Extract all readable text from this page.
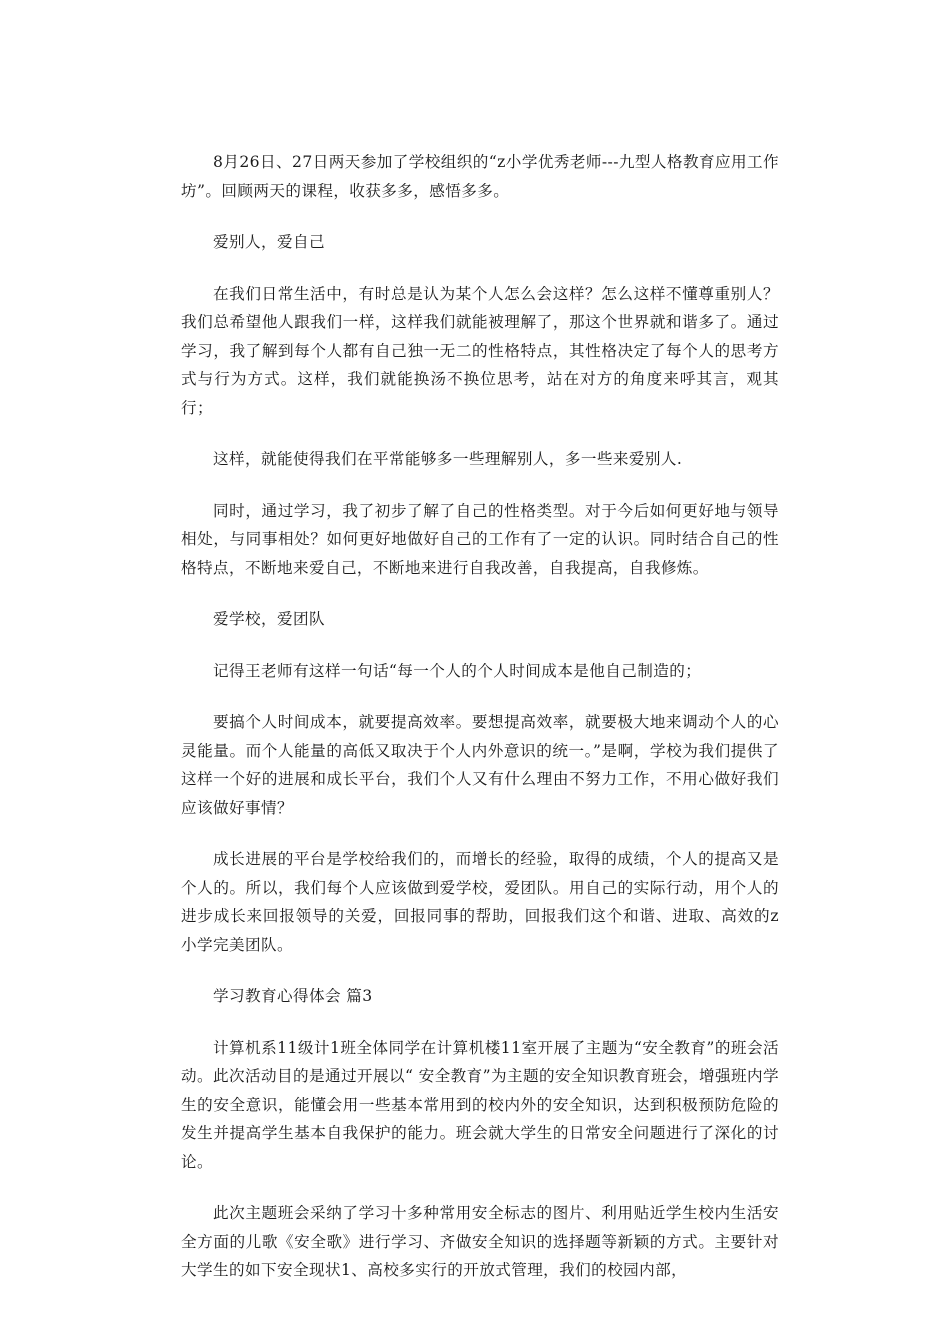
8月26日、27日两天参加了学校组织的“z小学优秀老师---九型人格教育应用工作坊”。回顾两天的课程，收获多多，感悟多多。

爱别人，爱自己

在我们日常生活中，有时总是认为某个人怎么会这样？怎么这样不懂尊重别人？我们总希望他人跟我们一样，这样我们就能被理解了，那这个世界就和谐多了。通过学习，我了解到每个人都有自己独一无二的性格特点，其性格决定了每个人的思考方式与行为方式。这样，我们就能换汤不换位思考，站在对方的角度来呼其言，观其行；

这样，就能使得我们在平常能够多一些理解别人，多一些来爱别人.

同时，通过学习，我了初步了解了自己的性格类型。对于今后如何更好地与领导相处，与同事相处？如何更好地做好自己的工作有了一定的认识。同时结合自己的性格特点，不断地来爱自己，不断地来进行自我改善，自我提高，自我修炼。

爱学校，爱团队

记得王老师有这样一句话“每一个人的个人时间成本是他自己制造的；

要搞个人时间成本，就要提高效率。要想提高效率，就要极大地来调动个人的心灵能量。而个人能量的高低又取决于个人内外意识的统一。”是啊，学校为我们提供了这样一个好的进展和成长平台，我们个人又有什么理由不努力工作，不用心做好我们应该做好事情？

成长进展的平台是学校给我们的，而增长的经验，取得的成绩，个人的提高又是个人的。所以，我们每个人应该做到爱学校，爱团队。用自己的实际行动，用个人的进步成长来回报领导的关爱，回报同事的帮助，回报我们这个和谐、进取、高效的z小学完美团队。

学习教育心得体会 篇3

计算机系11级计1班全体同学在计算机楼11室开展了主题为“安全教育”的班会活动。此次活动目的是通过开展以“ 安全教育”为主题的安全知识教育班会，增强班内学生的安全意识，能懂会用一些基本常用到的校内外的安全知识，达到积极预防危险的发生并提高学生基本自我保护的能力。班会就大学生的日常安全问题进行了深化的讨论。

此次主题班会采纳了学习十多种常用安全标志的图片、利用贴近学生校内生活安全方面的儿歌《安全歌》进行学习、齐做安全知识的选择题等新颖的方式。主要针对大学生的如下安全现状1、高校多实行的开放式管理，我们的校园内部，
